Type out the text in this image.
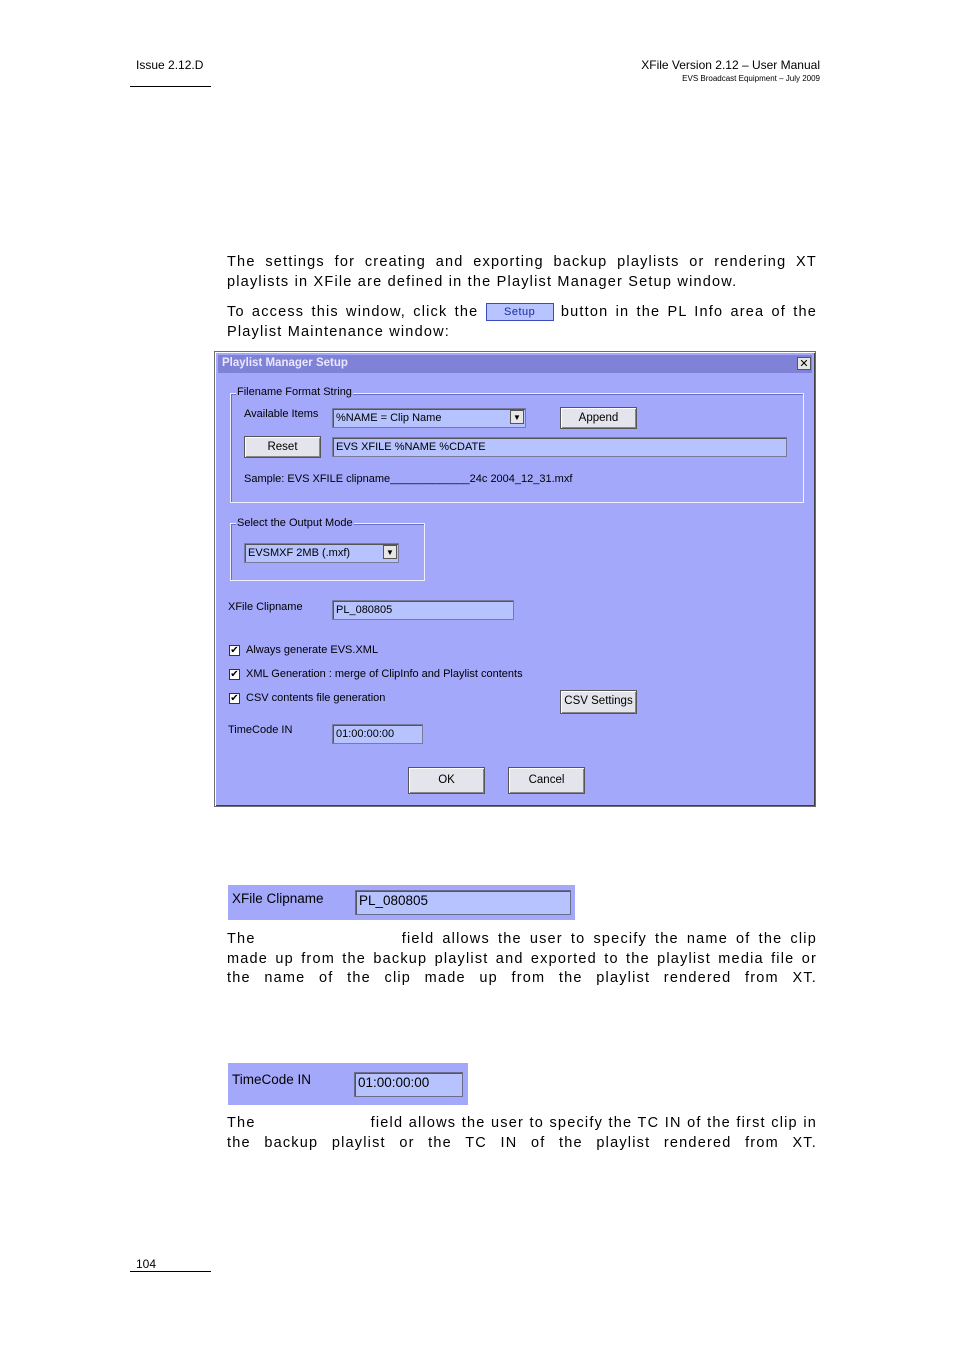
Issue 2.12.D	XFile Version 2.12 – User Manual
EVS Broadcast Equipment – July 2009
The settings for creating and exporting backup playlists or rendering XT playlists in XFile are defined in the Playlist Manager Setup window.
To access this window, click the Setup button in the PL Info area of the Playlist Maintenance window:
Playlist Manager Setup	✕
Filename Format String
Available Items	%NAME = Clip Name	▼	Append
Reset	EVS XFILE %NAME %CDATE
Sample: EVS XFILE clipname_____________24c 2004_12_31.mxf
Select the Output Mode
EVSMXF 2MB (.mxf)	▼
XFile Clipname	PL_080805
✔ Always generate EVS.XML
✔ XML Generation : merge of ClipInfo and Playlist contents
✔ CSV contents file generation	CSV Settings
TimeCode IN	01:00:00:00
OK	Cancel
XFile Clipname	PL_080805
The	field allows the user to specify the name of the clip made up from the backup playlist and exported to the playlist media file or the name of the clip made up from the playlist rendered from XT.
TimeCode IN	01:00:00:00
The	field allows the user to specify the TC IN of the first clip in the backup playlist or the TC IN of the playlist rendered from XT.
104
